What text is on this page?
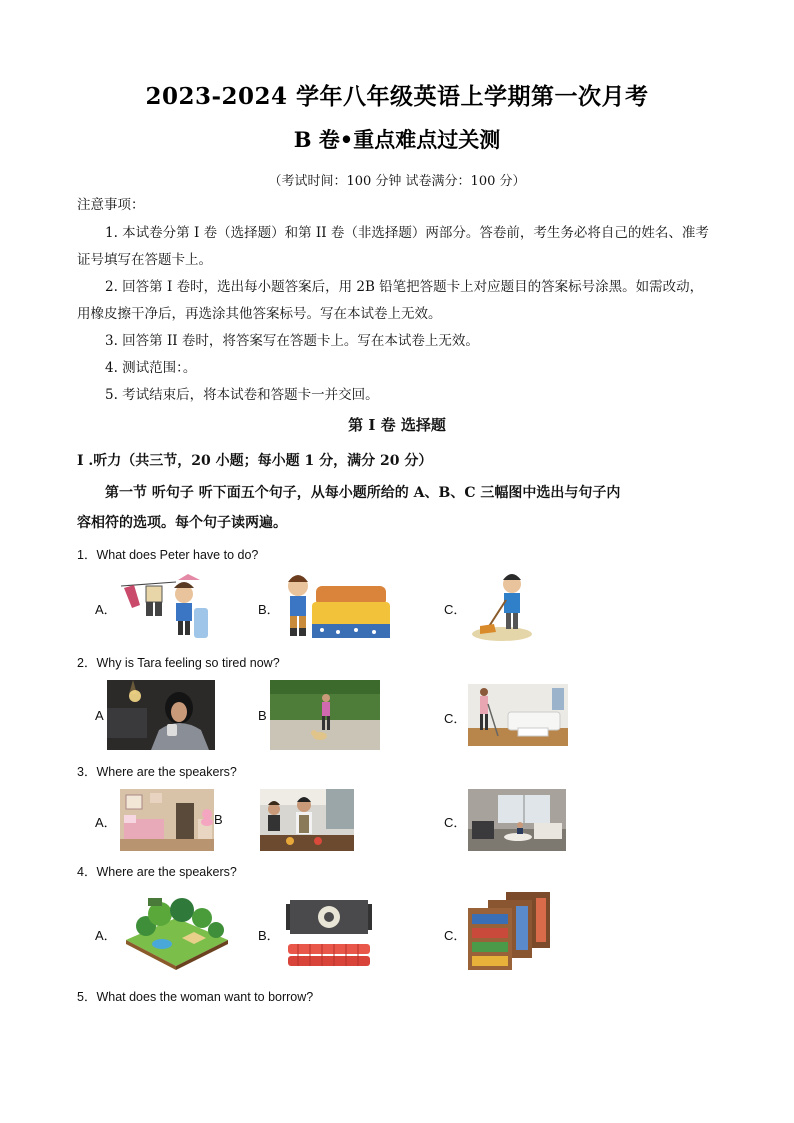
2023-2024 学年八年级英语上学期第一次月考
B 卷•重点难点过关测
（考试时间：100 分钟 试卷满分：100 分）
注意事项：
1. 本试卷分第 I 卷（选择题）和第 II 卷（非选择题）两部分。答卷前，考生务必将自己的姓名、准考
证号填写在答题卡上。
2. 回答第 I 卷时，选出每小题答案后，用 2B 铅笔把答题卡上对应题目的答案标号涂黑。如需改动，
用橡皮擦干净后，再选涂其他答案标号。写在本试卷上无效。
3. 回答第 II 卷时，将答案写在答题卡上。写在本试卷上无效。
4. 测试范围：。
5. 考试结束后，将本试卷和答题卡一并交回。
第 I 卷 选择题
I .听力（共三节，20 小题；每小题 1 分，满分 20 分）
第一节 听句子 听下面五个句子，从每小题所给的 A、B、C 三幅图中选出与句子内
容相符的选项。每个句子读两遍。
1．What does Peter have to do?
A．	B．	C．
2．Why is Tara feeling so tired now?
A	B	C．
3．Where are the speakers?
A．	B	C．
4．Where are the speakers?
A．	B．	C．
5．What does the woman want to borrow?
